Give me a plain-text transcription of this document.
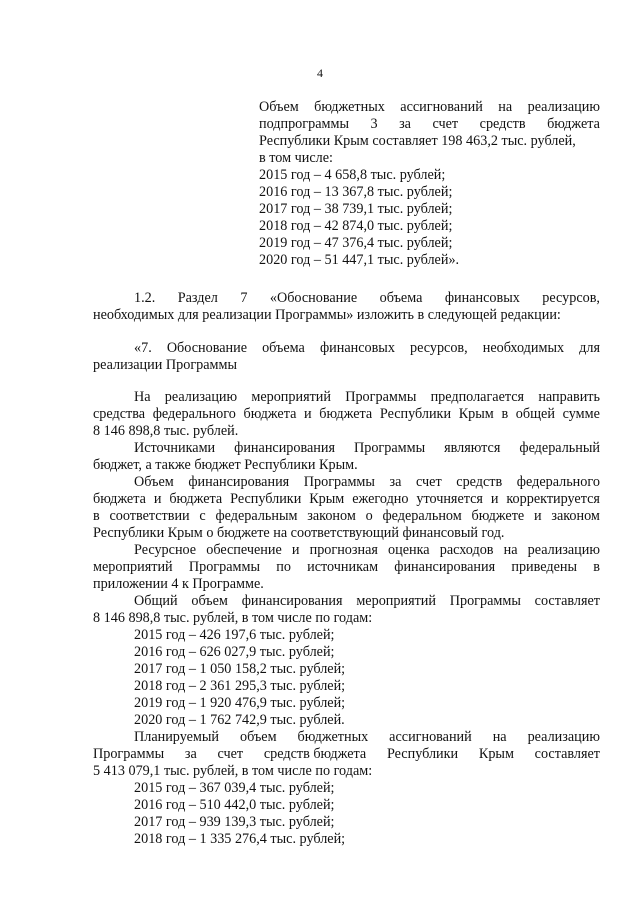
4
Объем бюджетных ассигнований на реализацию
подпрограммы 3 за счет средств бюджета
Республики Крым составляет 198 463,2 тыс. рублей,
в том числе:
2015 год – 4 658,8 тыс. рублей;
2016 год – 13 367,8 тыс. рублей;
2017 год – 38 739,1 тыс. рублей;
2018 год – 42 874,0 тыс. рублей;
2019 год – 47 376,4 тыс. рублей;
2020 год – 51 447,1 тыс. рублей».
1.2. Раздел 7 «Обоснование объема финансовых ресурсов,
необходимых для реализации Программы» изложить в следующей редакции:
«7. Обоснование объема финансовых ресурсов, необходимых для
реализации Программы
На реализацию мероприятий Программы предполагается направить
средства федерального бюджета и бюджета Республики Крым в общей сумме
8 146 898,8 тыс. рублей.
Источниками финансирования Программы являются федеральный
бюджет, а также бюджет Республики Крым.
Объем финансирования Программы за счет средств федерального
бюджета и бюджета Республики Крым ежегодно уточняется и корректируется
в соответствии с федеральным законом о федеральном бюджете и законом
Республики Крым о бюджете на соответствующий финансовый год.
Ресурсное обеспечение и прогнозная оценка расходов на реализацию
мероприятий Программы по источникам финансирования приведены в
приложении 4 к Программе.
Общий объем финансирования мероприятий Программы составляет
8 146 898,8 тыс. рублей, в том числе по годам:
2015 год – 426 197,6 тыс. рублей;
2016 год – 626 027,9 тыс. рублей;
2017 год – 1 050 158,2 тыс. рублей;
2018 год – 2 361 295,3 тыс. рублей;
2019 год – 1 920 476,9 тыс. рублей;
2020 год – 1 762 742,9 тыс. рублей.
Планируемый объем бюджетных ассигнований на реализацию
Программы за счет средств бюджета Республики Крым составляет
5 413 079,1 тыс. рублей, в том числе по годам:
2015 год – 367 039,4 тыс. рублей;
2016 год – 510 442,0 тыс. рублей;
2017 год – 939 139,3 тыс. рублей;
2018 год – 1 335 276,4 тыс. рублей;
